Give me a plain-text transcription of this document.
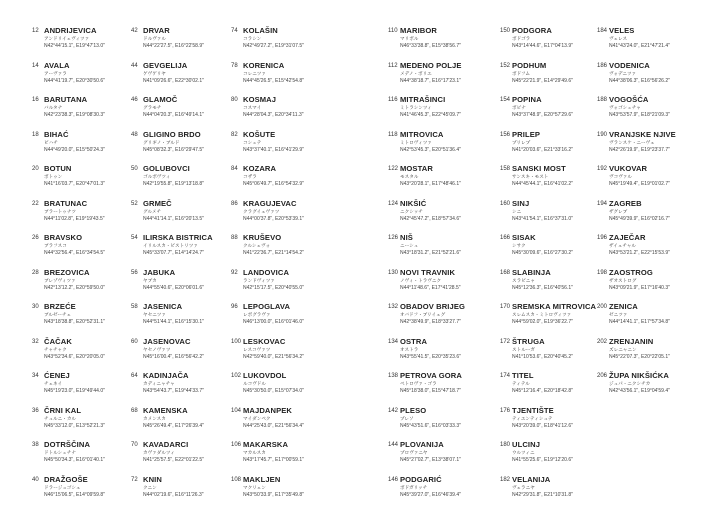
12 ANDRIJEVICA
アンドリイェヴィツァ
N42°44'15.1", E19°47'13.0"
14 AVALA
アーヴァラ
N44°41'19.7", E20°30'50.6"
16 BARUTANA
バルタナ
N42°23'38.3", E19°08'30.3"
18 BIHAĆ
ビハチ
N44°49'20.0", E15°50'24.3"
20 BOTUN
ボトゥン
N41°16'03.7", E20°47'01.3"
22 BRATUNAC
ブラートゥナツ
N44°11'02.8", E19°19'43.5"
26 BRAVSKO
ブラフスコ
N44°32'56.4", E16°34'54.5"
28 BREZOVICA
ブレゾヴィツァ
N42°13'12.2", E20°59'50.0"
30 BRZEĆE
ブルゼーチェ
N43°18'38.8", E20°52'31.1"
32 ČAČAK
チャチャク
N43°52'34.6", E20°20'05.0"
34 ĆENEJ
チェネイ
N45°19'23.0", E19°49'44.0"
36 ČRNI KAL
チュルニ・カル
N45°33'12.0", E13°52'21.3"
38 DOTRŠČINA
ドトルシュチナ
N45°50'34.3", E16°01'40.1"
40 DRAŽGOŠE
ドラージュゴシェ
N46°15'06.5", E14°09'59.8"
42 DRVAR
ドルヴァル
N44°22'27.5", E16°22'58.9"
44 GEVGELIJA
ゲヴゲリヤ
N41°09'26.6", E22°30'02.1"
46 GLAMOČ
グラモチ
N44°04'20.3", E16°49'14.1"
48 GLIGINO BRDO
グリギノ・ブルド
N45°08'32.3", E16°29'47.5"
50 GOLUBOVCI
ゴルボヴツィ
N42°19'55.8", E19°13'18.8"
52 GRMEČ
グルメチ
N44°41'14.1", E16°20'13.5"
54 ILIRSKA BISTRICA
イリルスカ・ビストリツァ
N45°33'07.7", E14°14'24.7"
56 JABUKA
ヤブカ
N44°55'40.6", E20°06'01.6"
58 JASENICA
ヤセニツァ
N44°51'44.1", E16°15'30.1"
60 JASENOVAC
ヤセノヴァツ
N45°16'00.4", E16°56'42.2"
64 KADINJAČA
カディニャチャ
N43°54'43.7", E19°44'33.7"
68 KAMENSKA
カメンスカ
N45°26'49.4", E17°26'39.4"
70 KAVADARCI
カヴァダルツィ
N41°25'57.5", E22°01'22.5"
72 KNIN
クニン
N44°02'19.6", E16°11'26.3"
74 KOLAŠIN
コラシン
N42°49'27.2", E19°31'07.5"
78 KORENICA
コレニツァ
N44°45'26.5", E15°42'54.8"
80 KOSMAJ
コスマイ
N44°28'04.3", E20°34'11.3"
82 KOŠUTE
コシュテ
N43°37'40.1", E16°41'29.9"
84 KOZARA
コザラ
N45°06'49.7", E16°54'32.9"
86 KRAGUJEVAC
クラグイェヴァツ
N44°00'37.8", E20°53'39.1"
88 KRUŠEVO
クルシェヴォ
N41°22'36.7", E21°14'54.2"
92 LANDOVICA
ランドヴィツァ
N42°15'17.5", E20°40'55.0"
96 LEPOGLAVA
レポグラヴァ
N46°13'00.0", E16°01'46.0"
100 LESKOVAC
レスコヴァツ
N42°59'40.0", E21°56'34.2"
102 LUKOVDOL
ルコヴドル
N45°30'50.0", E15°07'34.0"
104 MAJDANPEK
マイダンペク
N44°25'43.0", E21°56'34.4"
106 MAKARSKA
マカルスカ
N43°17'45.7", E17°00'59.1"
108 MAKLJEN
マクリェン
N43°50'33.9", E17°35'49.8"
110 MARIBOR
マリボル
N46°33'38.8", E15°38'56.7"
112 MEDENO POLJE
メデノ・ポリエ
N44°38'18.7", E16°17'23.1"
116 MITRAŠINCI
ミトラシンツィ
N41°46'45.3", E22°45'09.7"
118 MITROVICA
ミトロヴィツァ
N42°53'45.3", E20°51'36.4"
122 MOSTAR
モスタル
N43°20'28.1", E17°48'46.1"
124 NIKŠIĆ
ニクシッチ
N42°45'47.2", E18°57'34.6"
126 NIŠ
ニーシュ
N43°18'31.2", E21°52'21.6"
130 NOVI TRAVNIK
ノヴィ・トラヴニク
N44°11'48.6", E17°41'28.5"
132 OBADOV BRIJEG
オバドフ・ブリイェグ
N42°38'49.9", E18°33'27.7"
134 OSTRA
オストラ
N43°55'41.5", E20°35'23.6"
138 PETROVA GORA
ペトロヴァ・ゴラ
N45°18'38.0", E15°47'18.7"
142 PLESO
プレソ
N45°43'51.6", E16°03'33.3"
144 PLOVANIJA
プロヴァニヤ
N45°27'02.7", E13°38'07.1"
146 PODGARIĆ
ポドガリッチ
N45°39'27.0", E16°46'39.4"
150 PODGORA
ポドゴラ
N43°14'44.6", E17°04'13.9"
152 PODHUM
ポドフム
N45°22'21.9", E14°29'49.6"
154 POPINA
ポピナ
N43°37'48.9", E20°57'29.6"
156 PRILEP
プリレプ
N41°20'03.6", E21°33'16.2"
158 SANSKI MOST
サンスキ・モスト
N44°45'44.1", E16°41'02.2"
160 SINJ
シニ
N43°41'54.1", E16°37'31.0"
166 SISAK
シサク
N45°30'09.6", E16°27'30.2"
168 SLABINJA
スラビニャ
N45°12'36.3", E16°40'56.1"
170 SREMSKA MITROVICA
スレムスカ・ミトロヴィツァ
N44°59'02.0", E19°36'22.7"
172 ŠTRUGA
ストルーガ
N41°10'53.6", E20°40'45.2"
174 TITEL
ティテル
N45°12'16.4", E20°18'42.8"
176 TJENTIŠTE
ティエンティシュテ
N43°20'39.0", E18°41'12.6"
180 ULCINJ
ウルツィニ
N41°55'25.6", E19°12'20.6"
182 VELANIJA
ヴェラニヤ
N42°29'31.8", E21°10'31.8"
184 VELES
ヴェレス
N41°43'24.0", E21°47'21.4"
186 VODENICA
ヴォデニツァ
N44°38'06.3", E16°56'26.2"
188 VOGOŠĆA
ヴォゴシュチャ
N43°53'57.9", E18°21'09.3"
190 VRANJSKE NJIVE
ヴランスケ・ニーヴェ
N42°26'19.9", E19°23'37.7"
192 VUKOVAR
ヴコヴァル
N45°19'49.4", E19°01'02.7"
194 ZAGREB
ザグレブ
N45°49'39.9", E16°02'16.7"
196 ZAJEČAR
ザイェチャル
N43°53'21.2", E22°15'53.9"
198 ZAOSTROG
ザオストログ
N43°09'21.9", E17°16'40.3"
200 ZENICA
ゼニツァ
N44°14'41.1", E17°57'34.8"
202 ZRENJANIN
ズレニャニン
N45°22'07.3", E20°22'05.1"
206 ŽUPA NIKŠIĆKA
ジュパ・ニクシチカ
N42°43'56.1", E19°04'59.4"
